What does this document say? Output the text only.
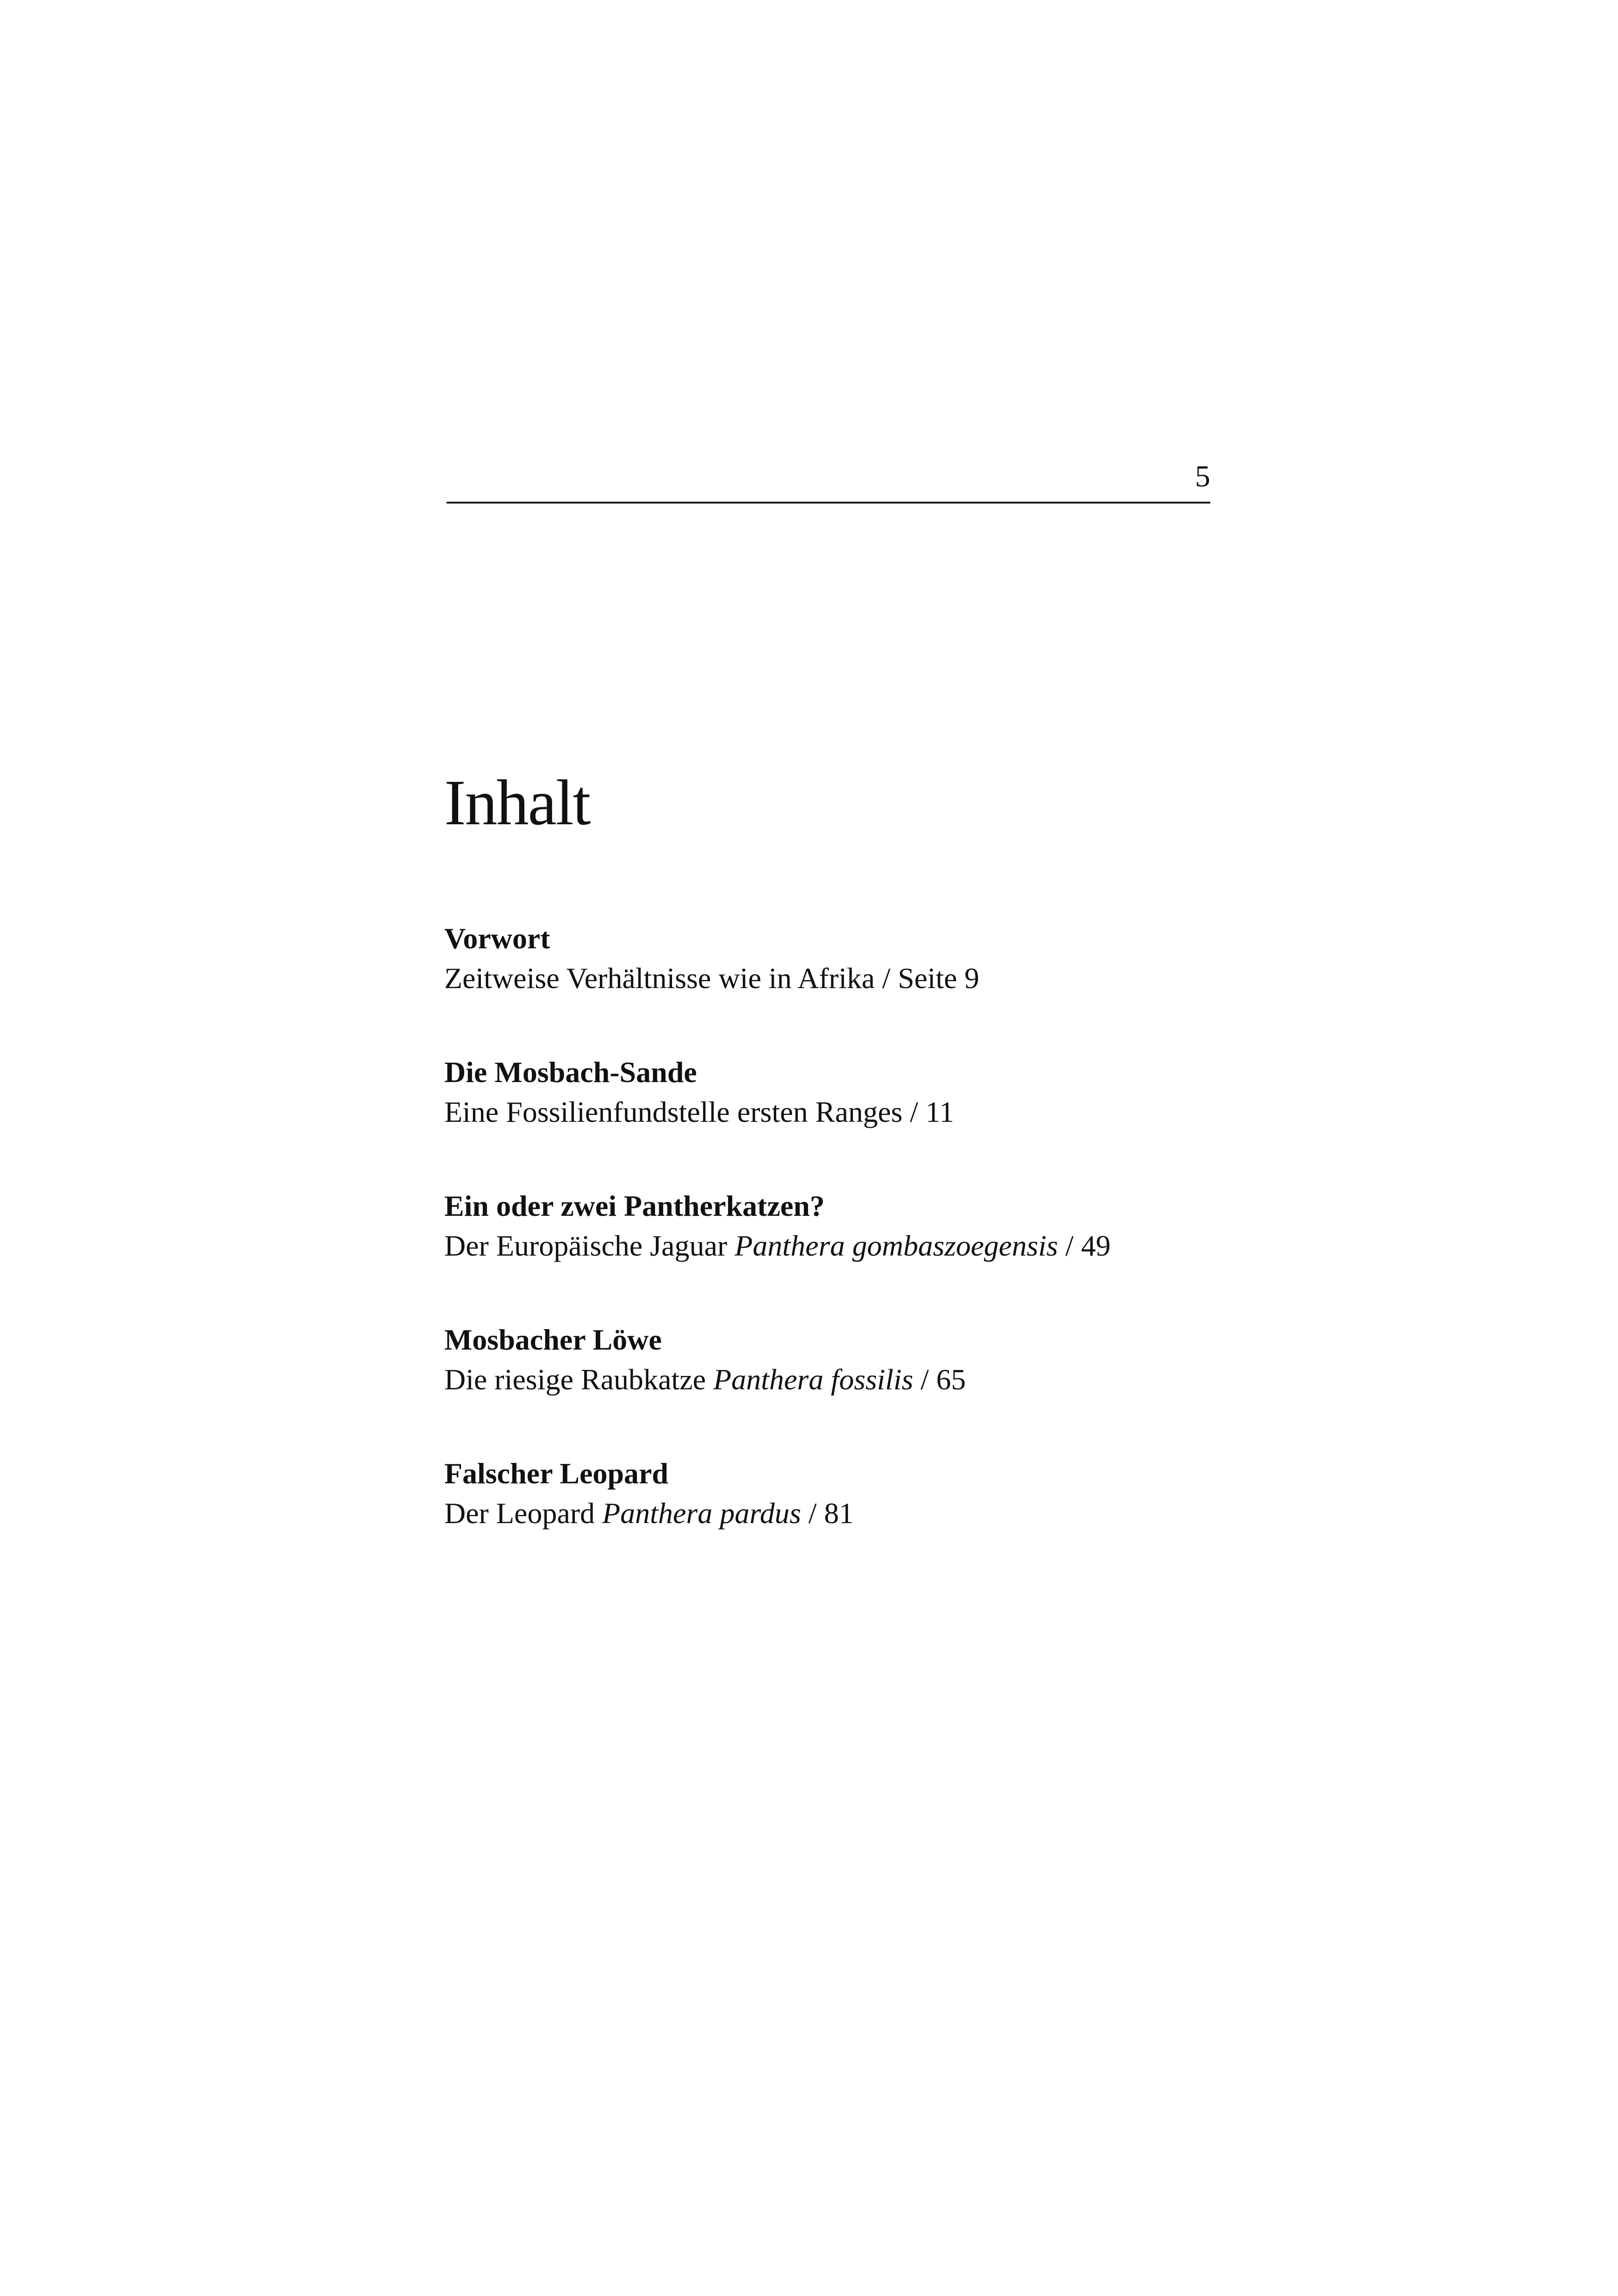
5
Inhalt
Vorwort
Zeitweise Verhältnisse wie in Afrika / Seite 9
Die Mosbach-Sande
Eine Fossilienfundstelle ersten Ranges / 11
Ein oder zwei Pantherkatzen?
Der Europäische Jaguar Panthera gombaszoegensis / 49
Mosbacher Löwe
Die riesige Raubkatze Panthera fossilis / 65
Falscher Leopard
Der Leopard Panthera pardus / 81
